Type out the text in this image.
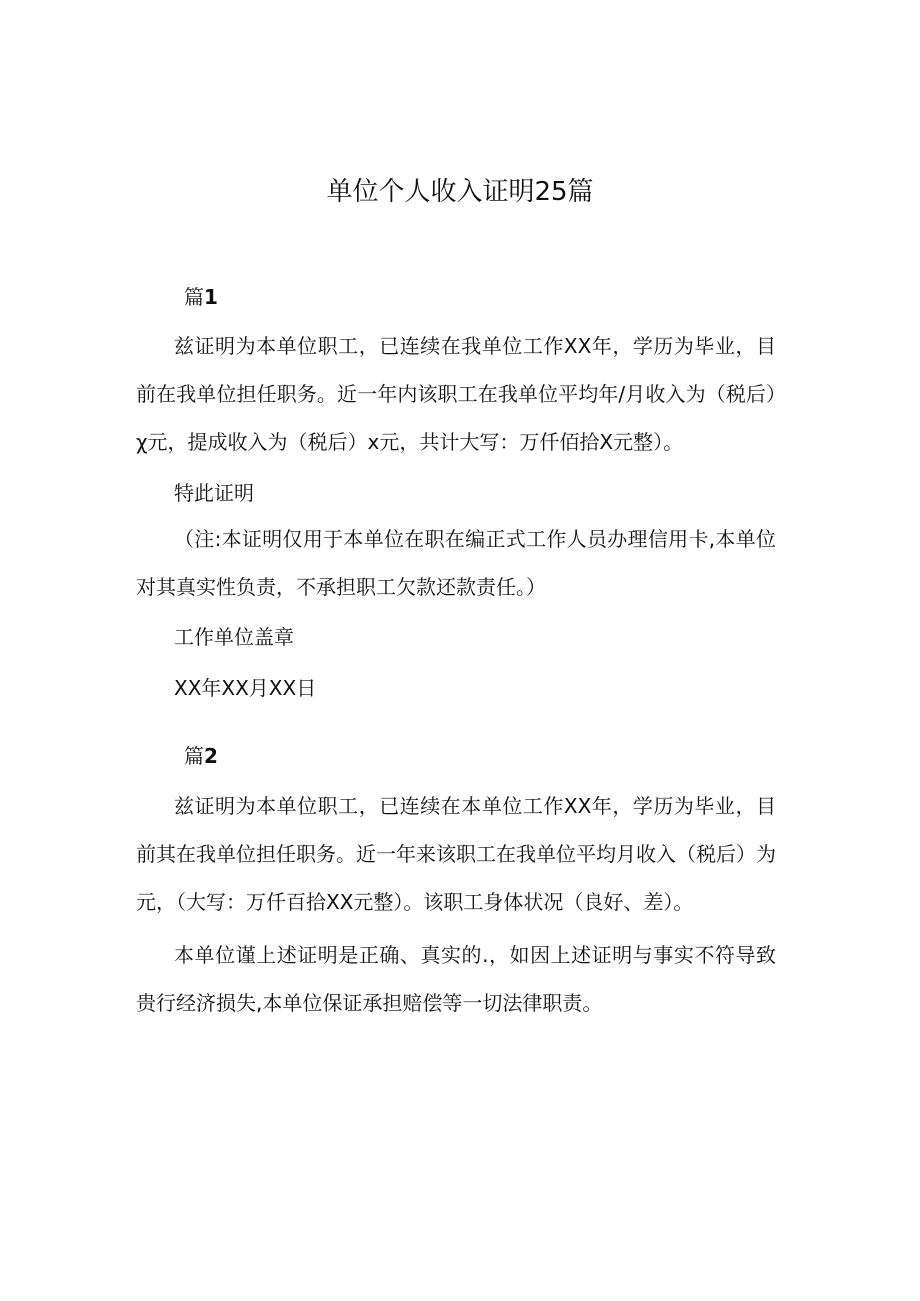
单位个人收入证明25篇
篇1
兹证明为本单位职工，已连续在我单位工作XX年，学历为毕业，目前在我单位担任职务。近一年内该职工在我单位平均年/月收入为（税后）χ元，提成收入为（税后）x元，共计大写：万仟佰拾X元整）。
特此证明
（注:本证明仅用于本单位在职在编正式工作人员办理信用卡,本单位对其真实性负责，不承担职工欠款还款责任。）
工作单位盖章
XX年XX月XX日
篇2
兹证明为本单位职工，已连续在本单位工作XX年，学历为毕业，目前其在我单位担任职务。近一年来该职工在我单位平均月收入（税后）为元，（大写：万仟百拾XX元整）。该职工身体状况（良好、差）。
本单位谨上述证明是正确、真实的.，如因上述证明与事实不符导致贵行经济损失,本单位保证承担赔偿等一切法律职责。
